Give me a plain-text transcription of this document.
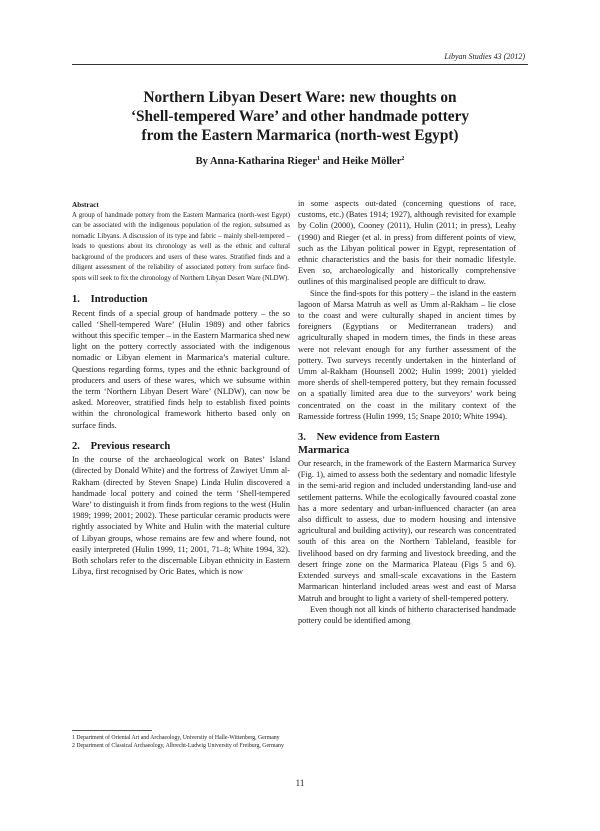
Libyan Studies 43 (2012)
Northern Libyan Desert Ware: new thoughts on
‘Shell-tempered Ware’ and other handmade pottery
from the Eastern Marmarica (north-west Egypt)
By Anna-Katharina Rieger$^1$ and Heike Möller$^2$

Abstract

A group of handmade pottery from the Eastern Marmarica (north-west Egypt) can be associated with the indigenous population of the region, subsumed as nomadic Libyans. A discussion of its type and fabric – mainly shell-tempered – leads to questions about its chronology as well as the ethnic and cultural background of the producers and users of these wares. Stratified finds and a diligent assessment of the reliability of associated pottery from surface find-spots will seek to fix the chronology of Northern Libyan Desert Ware (NLDW).

1. Introduction

Recent finds of a special group of handmade pottery – the so called ‘Shell-tempered Ware’ (Hulin 1989) and other fabrics without this specific temper – in the Eastern Marmarica shed new light on the pottery correctly associated with the indigenous nomadic or Libyan element in Marmarica’s material culture. Questions regarding forms, types and the ethnic background of producers and users of these wares, which we subsume within the term ‘Northern Libyan Desert Ware’ (NLDW), can now be asked. Moreover, stratified finds help to establish fixed points within the chronological framework hitherto based only on surface finds.

2. Previous research

In the course of the archaeological work on Bates’ Island (directed by Donald White) and the fortress of Zawiyet Umm al-Rakham (directed by Steven Snape) Linda Hulin discovered a handmade local pottery and coined the term ‘Shell-tempered Ware’ to distinguish it from finds from regions to the west (Hulin 1989; 1999; 2001; 2002). These particular ceramic products were rightly associated by White and Hulin with the material culture of Libyan groups, whose remains are few and where found, not easily interpreted (Hulin 1999, 11; 2001, 71–8; White 1994, 32). Both scholars refer to the discernable Libyan ethnicity in Eastern Libya, first recognised by Oric Bates, which is now

in some aspects out-dated (concerning questions of race, customs, etc.) (Bates 1914; 1927), although revisited for example by Colin (2000), Cooney (2011), Hulin (2011; in press), Leahy (1990) and Rieger (et al. in press) from different points of view, such as the Libyan political power in Egypt, representation of ethnic characteristics and the basis for their nomadic lifestyle. Even so, archaeologically and historically comprehensive outlines of this marginalised people are difficult to draw.

Since the find-spots for this pottery – the island in the eastern lagoon of Marsa Matruh as well as Umm al-Rakham – lie close to the coast and were culturally shaped in ancient times by foreigners (Egyptians or Mediterranean traders) and agriculturally shaped in modern times, the finds in these areas were not relevant enough for any further assessment of the pottery. Two surveys recently undertaken in the hinterland of Umm al-Rakham (Hounsell 2002; Hulin 1999; 2001) yielded more sherds of shell-tempered pottery, but they remain focussed on a spatially limited area due to the surveyors’ work being concentrated on the coast in the military context of the Ramesside fortress (Hulin 1999, 15; Snape 2010; White 1994).

3. New evidence from Eastern
Marmarica

Our research, in the framework of the Eastern Marmarica Survey (Fig. 1), aimed to assess both the sedentary and nomadic lifestyle in the semi-arid region and included understanding land-use and settlement patterns. While the ecologically favoured coastal zone has a more sedentary and urban-influenced character (an area also difficult to assess, due to modern housing and intensive agricultural and building activity), our research was concentrated south of this area on the Northern Tableland, feasible for livelihood based on dry farming and livestock breeding, and the desert fringe zone on the Marmarica Plateau (Figs 5 and 6). Extended surveys and small-scale excavations in the Eastern Marmarican hinterland included areas west and east of Marsa Matruh and brought to light a variety of shell-tempered pottery.

Even though not all kinds of hitherto characterised handmade pottery could be identified among

1 Department of Oriental Art and Archaeology, University of Halle-Wittenberg, Germany

2 Department of Classical Archaeology, Albrecht-Ludwig University of Freiburg, Germany

11
